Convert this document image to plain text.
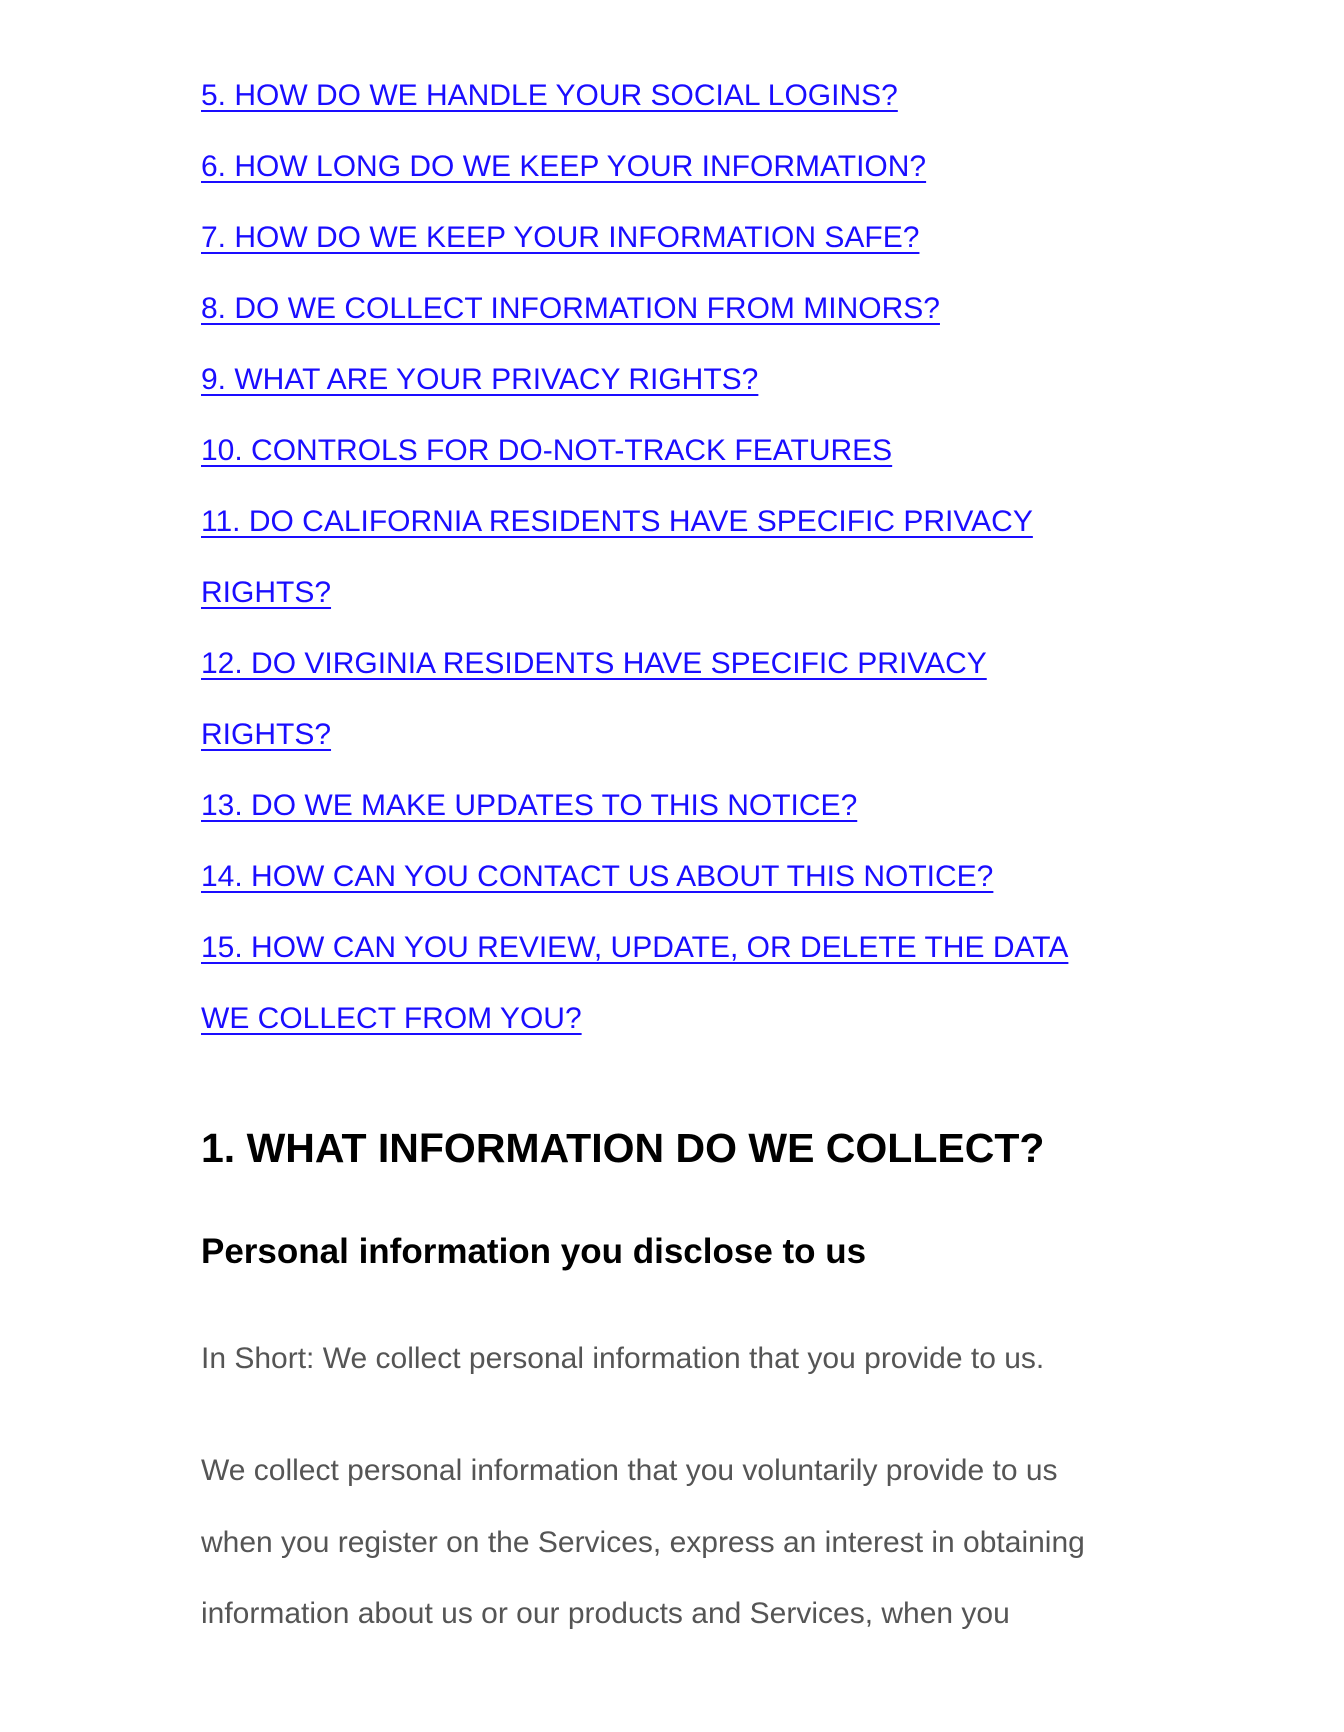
5. HOW DO WE HANDLE YOUR SOCIAL LOGINS?
6. HOW LONG DO WE KEEP YOUR INFORMATION?
7. HOW DO WE KEEP YOUR INFORMATION SAFE?
8. DO WE COLLECT INFORMATION FROM MINORS?
9. WHAT ARE YOUR PRIVACY RIGHTS?
10. CONTROLS FOR DO-NOT-TRACK FEATURES
11. DO CALIFORNIA RESIDENTS HAVE SPECIFIC PRIVACY
RIGHTS?
12. DO VIRGINIA RESIDENTS HAVE SPECIFIC PRIVACY
RIGHTS?
13. DO WE MAKE UPDATES TO THIS NOTICE?
14. HOW CAN YOU CONTACT US ABOUT THIS NOTICE?
15. HOW CAN YOU REVIEW, UPDATE, OR DELETE THE DATA
WE COLLECT FROM YOU?
1. WHAT INFORMATION DO WE COLLECT?
Personal information you disclose to us

In Short: We collect personal information that you provide to us.

We collect personal information that you voluntarily provide to us
when you register on the Services, express an interest in obtaining
information about us or our products and Services, when you
